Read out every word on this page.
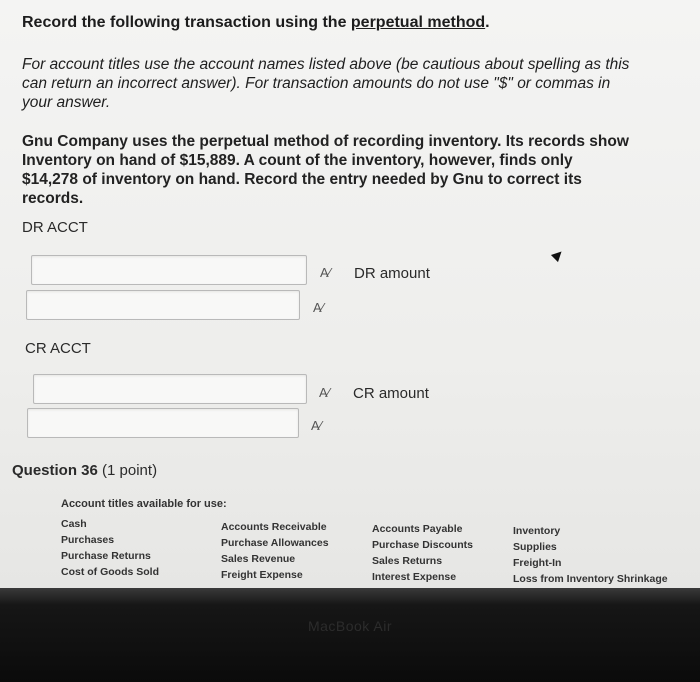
Record the following transaction using the perpetual method.
For account titles use the account names listed above (be cautious about spelling as this can return an incorrect answer). For transaction amounts do not use "$" or commas in your answer.
Gnu Company uses the perpetual method of recording inventory. Its records show Inventory on hand of $15,889. A count of the inventory, however, finds only $14,278 of inventory on hand. Record the entry needed by Gnu to correct its records.
DR ACCT
A⁄ DR amount
A⁄
CR ACCT
A⁄ CR amount
A⁄
Question 36 (1 point)
Account titles available for use:
Cash
Purchases
Purchase Returns
Cost of Goods Sold
Accounts Receivable
Purchase Allowances
Sales Revenue
Freight Expense
Accounts Payable
Purchase Discounts
Sales Returns
Interest Expense
Inventory
Supplies
Freight-In
Loss from Inventory Shrinkage
MacBook Air
